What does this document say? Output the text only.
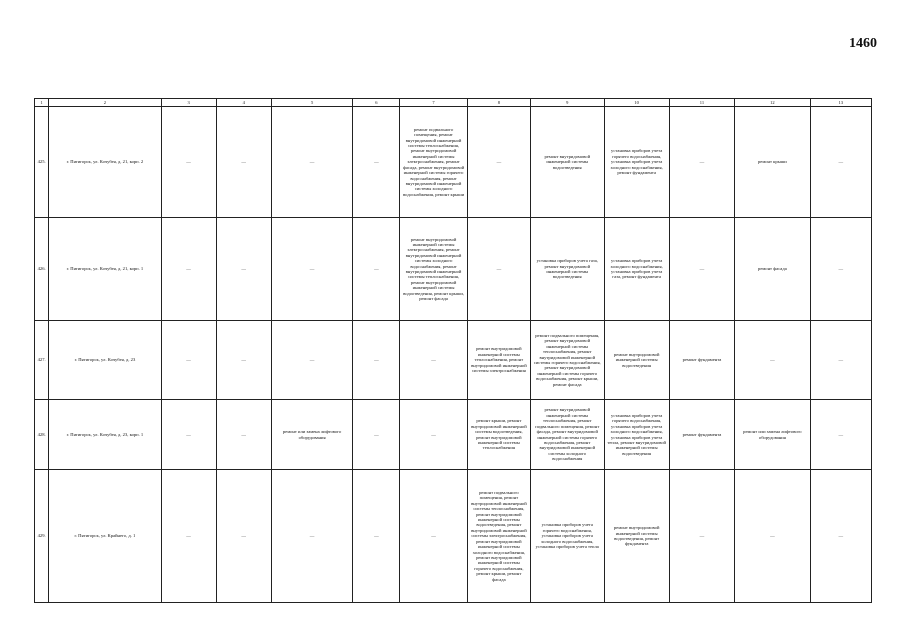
1460
1	2	3	4	5	6	7	8	9	10	11	12	13
425.	г. Пятигорск, ул. Кочубея, д. 21, корп. 2	—	—	—	—	ремонт подвального помещения, ремонт внутридомовой инженерной системы теплоснабжения, ремонт внутридомовой инженерной системы электроснабжения, ремонт фасада, ремонт внутридомовой инженерной системы горячего водоснабжения, ремонт внутридомовой инженерной системы холодного водоснабжения, ремонт крыши	—	ремонт внутридомовой инженерной системы водоотведения	установка приборов учета горячего водоснабжения, установка приборов учета холодного водоснабжения, ремонт фундамента	—	ремонт крыши	—
426.	г. Пятигорск, ул. Кочубея, д. 21, корп. 1	—	—	—	—	ремонт внутридомовой инженерной системы электроснабжения, ремонт внутридомовой инженерной системы холодного водоснабжения, ремонт внутридомовой инженерной системы теплоснабжения, ремонт внутридомовой инженерной системы водоотведения, ремонт крыши, ремонт фасада	—	установка приборов учета газа, ремонт внутридомовой инженерной системы водоотведения	установка приборов учета холодного водоснабжения, установка приборов учета газа, ремонт фундамента	—	ремонт фасада	—
427.	г. Пятигорск, ул. Кочубея, д. 23	—	—	—	—	—	ремонт внутридомовой инженерной системы теплоснабжения, ремонт внутридомовой инженерной системы электроснабжения	ремонт подвального помещения, ремонт внутридомовой инженерной системы теплоснабжения, ремонт внутридомовой инженерной системы горячего водоснабжения, ремонт внутридомовой инженерной системы горячего водоснабжения, ремонт крыши, ремонт фасада	ремонт внутридомовой инженерной системы водоотведения	ремонт фундамента	—	—
428.	г. Пятигорск, ул. Кочубея, д. 23, корп. 1	—	—	ремонт или замена лифтового оборудования	—	—	ремонт крыши, ремонт внутридомовой инженерной системы водоотведения, ремонт внутридомовой инженерной системы теплоснабжения	ремонт внутридомовой инженерной системы теплоснабжения, ремонт подвального помещения, ремонт фасада, ремонт внутридомовой инженерной системы горячего водоснабжения, ремонт внутридомовой инженерной системы холодного водоснабжения	установка приборов учета горячего водоснабжения, установка приборов учета холодного водоснабжения, установка приборов учета тепла, ремонт внутридомовой инженерной системы водоотведения	ремонт фундамента	ремонт или замена лифтового оборудования	—
429.	г. Пятигорск, ул. Крайнего, д. 1	—	—	—	—	—	ремонт подвального помещения, ремонт внутридомовой инженерной системы теплоснабжения, ремонт внутридомовой инженерной системы водоотведения, ремонт внутридомовой инженерной системы электроснабжения, ремонт внутридомовой инженерной системы холодного водоснабжения, ремонт внутридомовой инженерной системы горячего водоснабжения, ремонт крыши, ремонт фасада	установка приборов учета горячего водоснабжения, установка приборов учета холодного водоснабжения, установка приборов учета тепла	ремонт внутридомовой инженерной системы водоотведения, ремонт фундамента	—	—	—
